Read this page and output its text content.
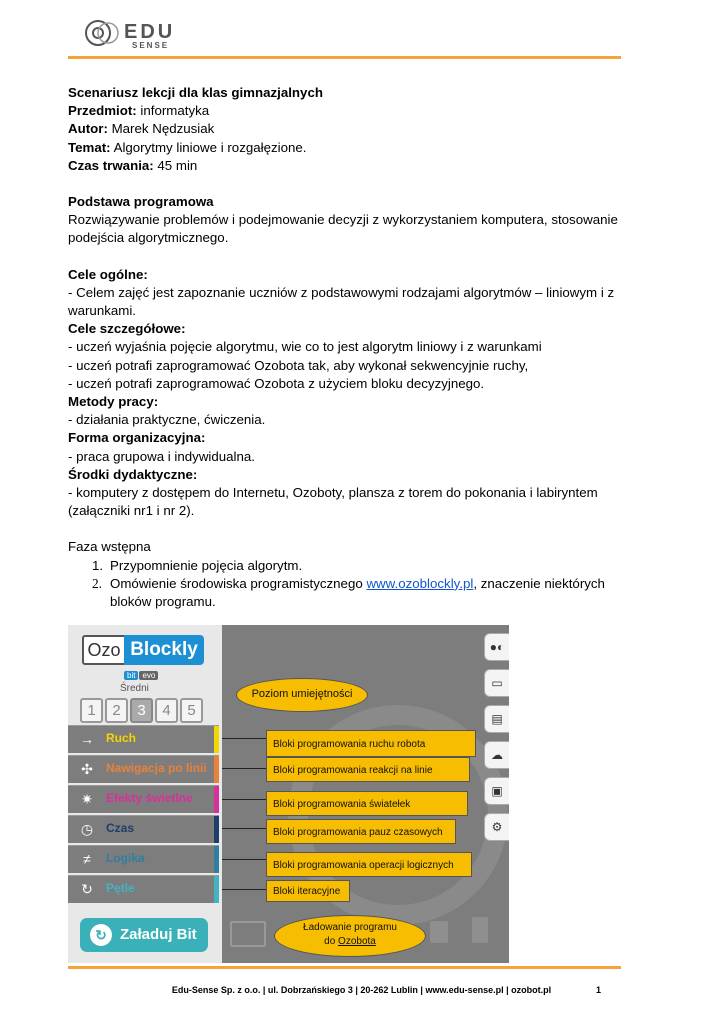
EDU
SENSE

Scenariusz lekcji dla klas gimnazjalnych

Przedmiot: informatyka

Autor: Marek Nędzusiak

Temat: Algorytmy liniowe i rozgałęzione.

Czas trwania: 45 min

Podstawa programowa

Rozwiązywanie problemów i podejmowanie decyzji z wykorzystaniem komputera, stosowanie podejścia algorytmicznego.

Cele ogólne:

- Celem zajęć jest zapoznanie uczniów z podstawowymi rodzajami algorytmów – liniowym i z warunkami.

Cele szczegółowe:

- uczeń wyjaśnia pojęcie algorytmu, wie co to jest algorytm liniowy i z warunkami

- uczeń potrafi zaprogramować Ozobota tak, aby wykonał sekwencyjnie ruchy,

- uczeń potrafi zaprogramować Ozobota z użyciem bloku decyzyjnego.

Metody pracy:

- działania praktyczne, ćwiczenia.

Forma organizacyjna:

- praca grupowa i indywidualna.

Środki dydaktyczne:

- komputery z dostępem do Internetu, Ozoboty, plansza z torem do pokonania i labiryntem (załączniki nr1 i nr 2).

Faza wstępna

1. Przypomnienie pojęcia algorytm.

2. Omówienie środowiska programistycznego www.ozoblockly.pl, znaczenie niektórych

bloków programu.

Ozo Blockly
bit evo
Średni
1 2 3 4 5
→	Ruch
✣	Nawigacja po linii
✷	Efekty świetlne
◷	Czas
≠	Logika
↻	Pętle
↻ Załaduj Bit
●◐
▭
▤
☁
▣
⚙
Poziom umiejętności
Bloki programowania ruchu robota
Bloki programowania reakcji na linie
Bloki programowania światełek
Bloki programowania pauz czasowych
Bloki programowania operacji logicznych
Bloki iteracyjne
Ładowanie programu
do Ozobota
Edu-Sense Sp. z o.o. | ul. Dobrzańskiego 3 | 20-262 Lublin | www.edu-sense.pl | ozobot.pl	1
